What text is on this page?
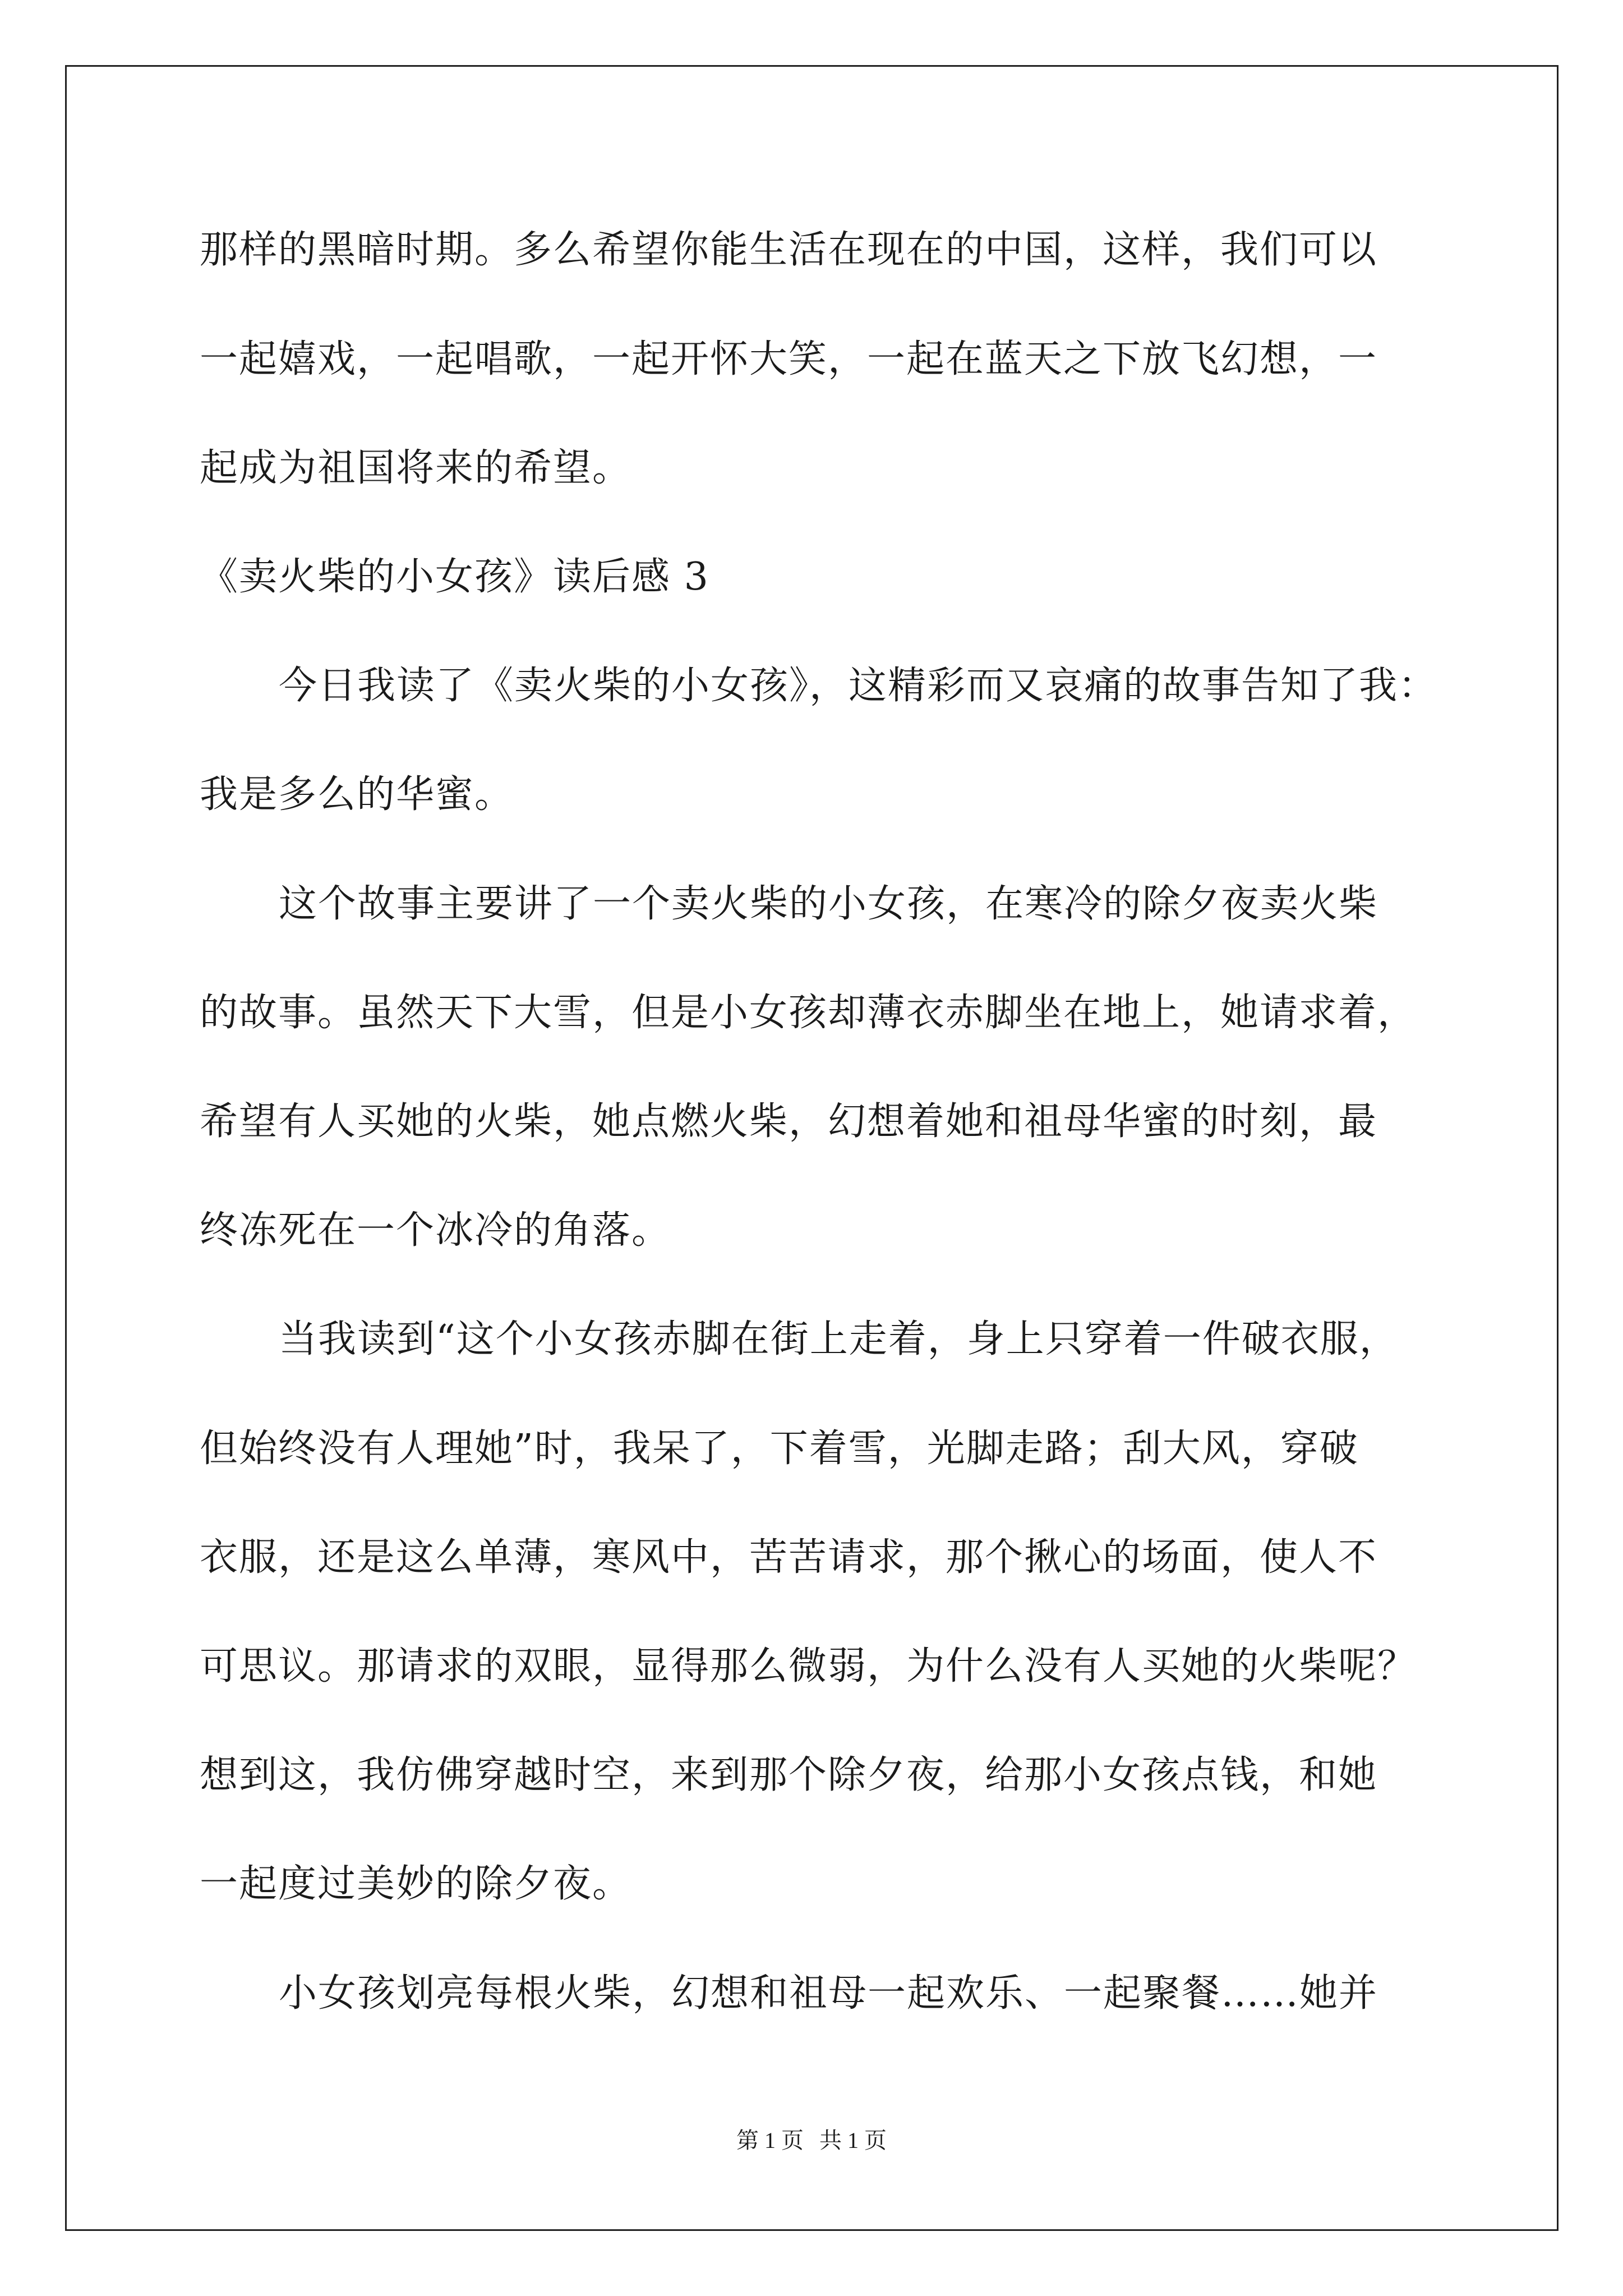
那样的黑暗时期。多么希望你能生活在现在的中国，这样，我们可以
一起嬉戏，一起唱歌，一起开怀大笑，一起在蓝天之下放飞幻想，一
起成为祖国将来的希望。
《卖火柴的小女孩》读后感 3
今日我读了《卖火柴的小女孩》，这精彩而又哀痛的故事告知了我：
我是多么的华蜜。
这个故事主要讲了一个卖火柴的小女孩，在寒冷的除夕夜卖火柴
的故事。虽然天下大雪，但是小女孩却薄衣赤脚坐在地上，她请求着，
希望有人买她的火柴，她点燃火柴，幻想着她和祖母华蜜的时刻，最
终冻死在一个冰冷的角落。
当我读到“这个小女孩赤脚在街上走着，身上只穿着一件破衣服，
但始终没有人理她”时，我呆了，下着雪，光脚走路；刮大风，穿破
衣服，还是这么单薄，寒风中，苦苦请求，那个揪心的场面，使人不
可思议。那请求的双眼，显得那么微弱，为什么没有人买她的火柴呢？
想到这，我仿佛穿越时空，来到那个除夕夜，给那小女孩点钱，和她
一起度过美妙的除夕夜。
小女孩划亮每根火柴，幻想和祖母一起欢乐、一起聚餐……她并
第 1 页 共 1 页
